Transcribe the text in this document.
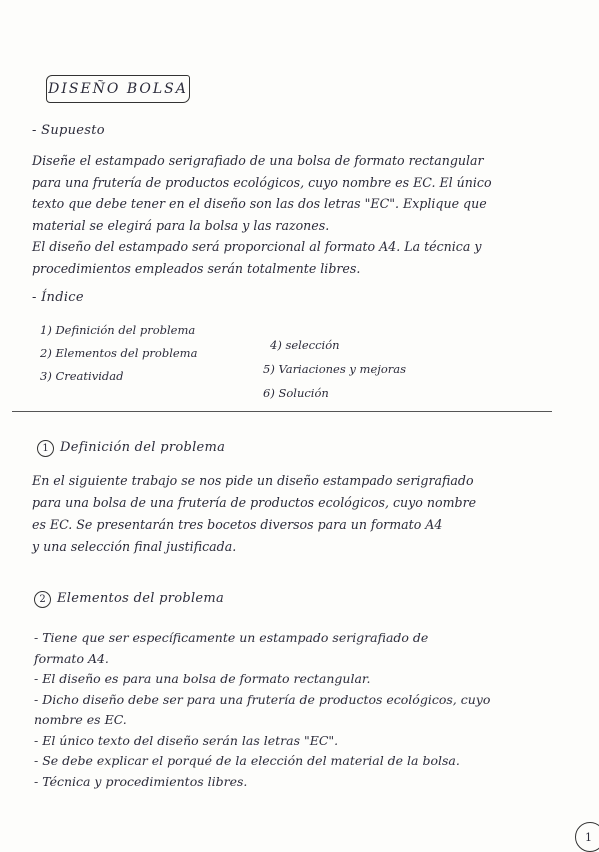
DISEÑO BOLSA
- Supuesto
Diseñe el estampado serigrafiado de una bolsa de formato rectangular
para una frutería de productos ecológicos, cuyo nombre es EC. El único
texto que debe tener en el diseño son las dos letras "EC". Explique que
material se elegirá para la bolsa y las razones.
El diseño del estampado será proporcional al formato A4. La técnica y
procedimientos empleados serán totalmente libres.
- Índice
1) Definición del problema
2) Elementos del problema
3) Creatividad
4) selección
5) Variaciones y mejoras
6) Solución
1 Definición del problema
En el siguiente trabajo se nos pide un diseño estampado serigrafiado
para una bolsa de una frutería de productos ecológicos, cuyo nombre
es EC. Se presentarán tres bocetos diversos para un formato A4
y una selección final justificada.
2 Elementos del problema
- Tiene que ser específicamente un estampado serigrafiado de
formato A4.
- El diseño es para una bolsa de formato rectangular.
- Dicho diseño debe ser para una frutería de productos ecológicos, cuyo
nombre es EC.
- El único texto del diseño serán las letras "EC".
- Se debe explicar el porqué de la elección del material de la bolsa.
- Técnica y procedimientos libres.
1
